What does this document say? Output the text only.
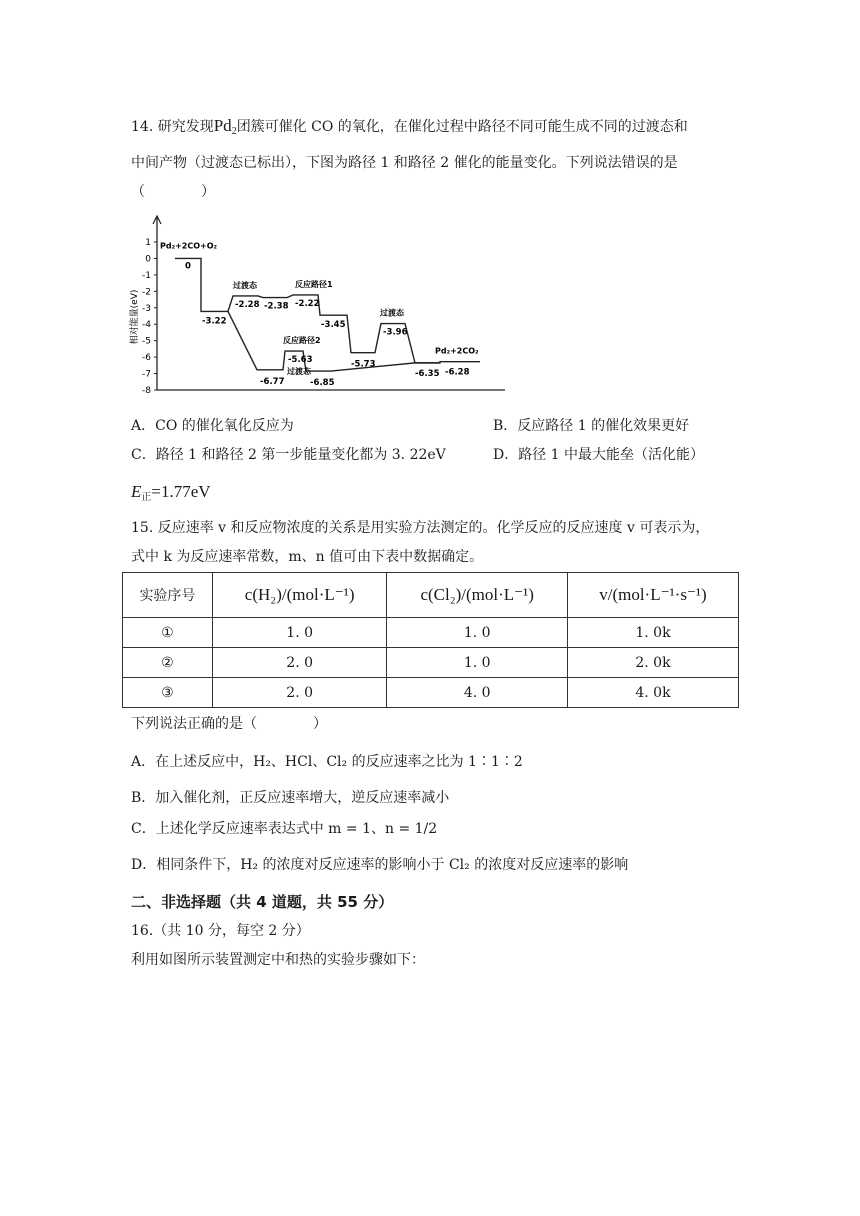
14. 研究发现$Pd_2$团簇可催化 CO 的氧化，在催化过程中路径不同可能生成不同的过渡态和
中间产物（过渡态已标出），下图为路径 1 和路径 2 催化的能量变化。下列说法错误的是
（　　　　）
相对能量(eV)
1
0
-1
-2
-3
-4
-5
-6
-7
-8
Pd₂+2CO+O₂
0
-3.22
过渡态
-2.28 -2.38
反应路径1
-2.22
-3.45
-5.73
过渡态
-3.96
反应路径2
-5.63
过渡态
-6.77	-6.85
Pd₂+2CO₂
-6.35 -6.28
A．CO 的催化氧化反应为	B．反应路径 1 的催化效果更好
C．路径 1 和路径 2 第一步能量变化都为 3. 22eV	D．路径 1 中最大能垒（活化能）
$E_正=1.77eV$
15. 反应速率 v 和反应物浓度的关系是用实验方法测定的。化学反应的反应速度 v 可表示为，
式中 k 为反应速率常数，m、n 值可由下表中数据确定。
实验序号	c(H₂)/(mol·L⁻¹)	c(Cl₂)/(mol·L⁻¹)	v/(mol·L⁻¹·s⁻¹)
①	1. 0	1. 0	1. 0k
②	2. 0	1. 0	2. 0k
③	2. 0	4. 0	4. 0k
下列说法正确的是（　　　　）
A．在上述反应中，H₂、HCl、Cl₂ 的反应速率之比为 1∶1∶2
B．加入催化剂，正反应速率增大，逆反应速率减小
C．上述化学反应速率表达式中 m = 1、n = 1/2
D．相同条件下，H₂ 的浓度对反应速率的影响小于 Cl₂ 的浓度对反应速率的影响
二、非选择题（共 4 道题，共 55 分）
16.（共 10 分，每空 2 分）
利用如图所示装置测定中和热的实验步骤如下：
